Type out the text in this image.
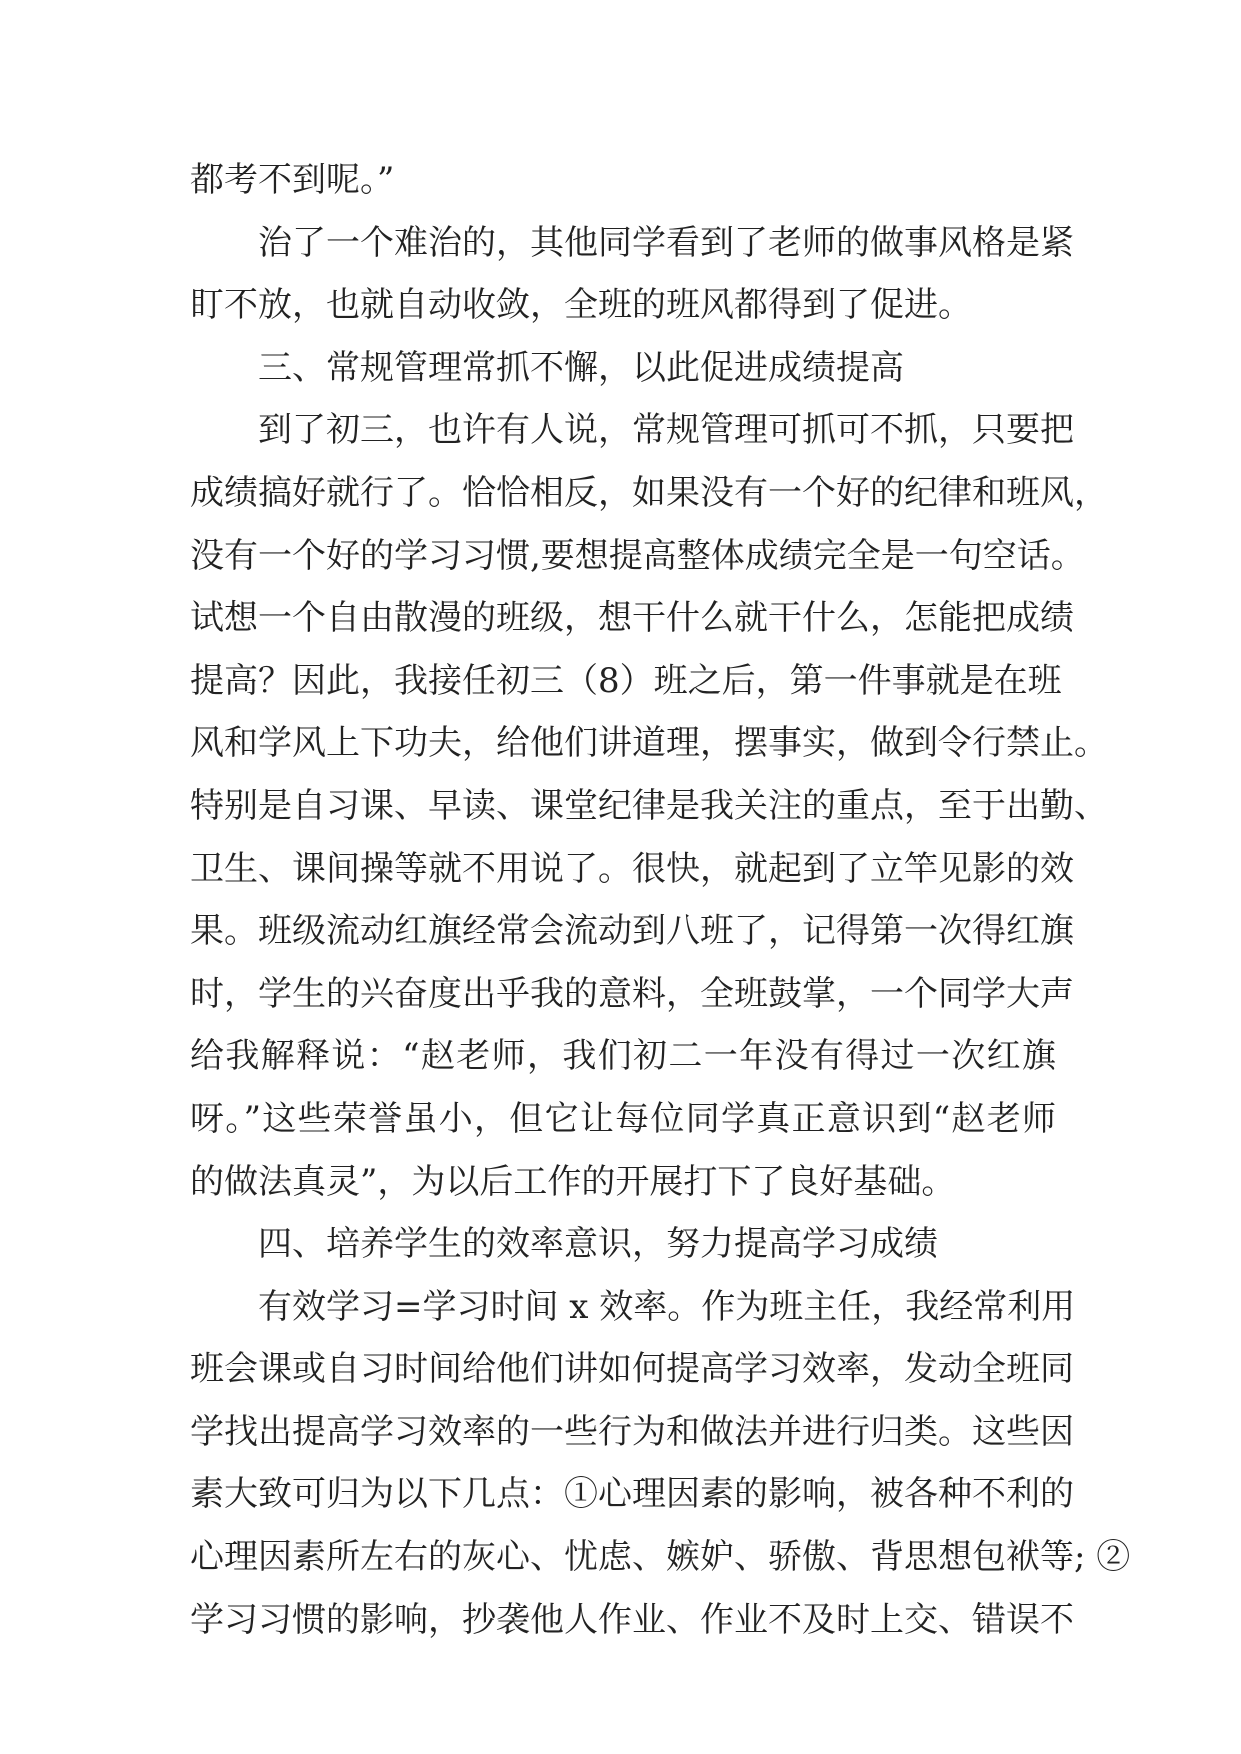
都考不到呢。”
治了一个难治的，其他同学看到了老师的做事风格是紧
盯不放，也就自动收敛，全班的班风都得到了促进。
三、常规管理常抓不懈，以此促进成绩提高
到了初三，也许有人说，常规管理可抓可不抓，只要把
成绩搞好就行了。恰恰相反，如果没有一个好的纪律和班风，
没有一个好的学习习惯,要想提高整体成绩完全是一句空话。
试想一个自由散漫的班级，想干什么就干什么，怎能把成绩
提高？因此，我接任初三（8）班之后，第一件事就是在班
风和学风上下功夫，给他们讲道理，摆事实，做到令行禁止。
特别是自习课、早读、课堂纪律是我关注的重点，至于出勤、
卫生、课间操等就不用说了。很快，就起到了立竿见影的效
果。班级流动红旗经常会流动到八班了，记得第一次得红旗
时，学生的兴奋度出乎我的意料，全班鼓掌，一个同学大声
给我解释说：“赵老师，我们初二一年没有得过一次红旗
呀。”这些荣誉虽小，但它让每位同学真正意识到“赵老师
的做法真灵”，为以后工作的开展打下了良好基础。
四、培养学生的效率意识，努力提高学习成绩
有效学习=学习时间 x 效率。作为班主任，我经常利用
班会课或自习时间给他们讲如何提高学习效率，发动全班同
学找出提高学习效率的一些行为和做法并进行归类。这些因
素大致可归为以下几点：①心理因素的影响，被各种不利的
心理因素所左右的灰心、忧虑、嫉妒、骄傲、背思想包袱等; ②
学习习惯的影响，抄袭他人作业、作业不及时上交、错误不
